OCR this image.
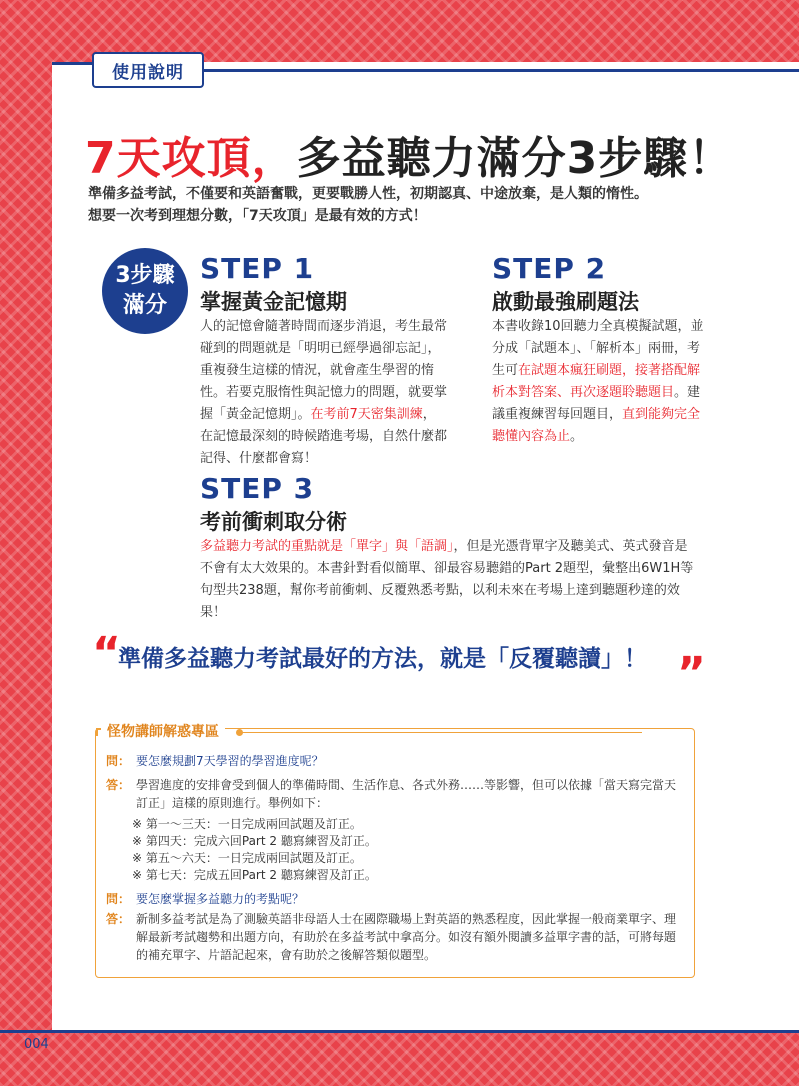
使用說明
7天攻頂，多益聽力滿分3步驟！
準備多益考試，不僅要和英語奮戰，更要戰勝人性，初期認真、中途放棄，是人類的惰性。
想要一次考到理想分數，「7天攻頂」是最有效的方式！
3步驟
滿分
STEP 1
掌握黃金記憶期
人的記憶會隨著時間而逐步消退，考生最常碰到的問題就是「明明已經學過卻忘記」，重複發生這樣的情況，就會產生學習的惰性。若要克服惰性與記憶力的問題，就要掌握「黃金記憶期」。在考前7天密集訓練，在記憶最深刻的時候踏進考場，自然什麼都記得、什麼都會寫！
STEP 2
啟動最強刷題法
本書收錄10回聽力全真模擬試題，並分成「試題本」、「解析本」兩冊，考生可在試題本瘋狂刷題，接著搭配解析本對答案、再次逐題聆聽題目。建議重複練習每回題目，直到能夠完全聽懂內容為止。
STEP 3
考前衝刺取分術
多益聽力考試的重點就是「單字」與「語調」，但是光憑背單字及聽美式、英式發音是不會有太大效果的。本書針對看似簡單、卻最容易聽錯的Part 2題型，彙整出6W1H等句型共238題，幫你考前衝刺、反覆熟悉考點，以利未來在考場上達到聽題秒達的效果！
“
準備多益聽力考試最好的方法，就是「反覆聽讀」！ ”
怪物講師解惑專區
問： 要怎麼規劃7天學習的學習進度呢？
答： 學習進度的安排會受到個人的準備時間、生活作息、各式外務……等影響，但可以依據「當天寫完當天訂正」這樣的原則進行。舉例如下：
※ 第一～三天：一日完成兩回試題及訂正。
※ 第四天：完成六回Part 2 聽寫練習及訂正。
※ 第五～六天：一日完成兩回試題及訂正。
※ 第七天：完成五回Part 2 聽寫練習及訂正。
問： 要怎麼掌握多益聽力的考點呢？
答： 新制多益考試是為了測驗英語非母語人士在國際職場上對英語的熟悉程度，因此掌握一般商業單字、理解最新考試趨勢和出題方向，有助於在多益考試中拿高分。如沒有額外閱讀多益單字書的話，可將每題的補充單字、片語記起來，會有助於之後解答類似題型。
004
